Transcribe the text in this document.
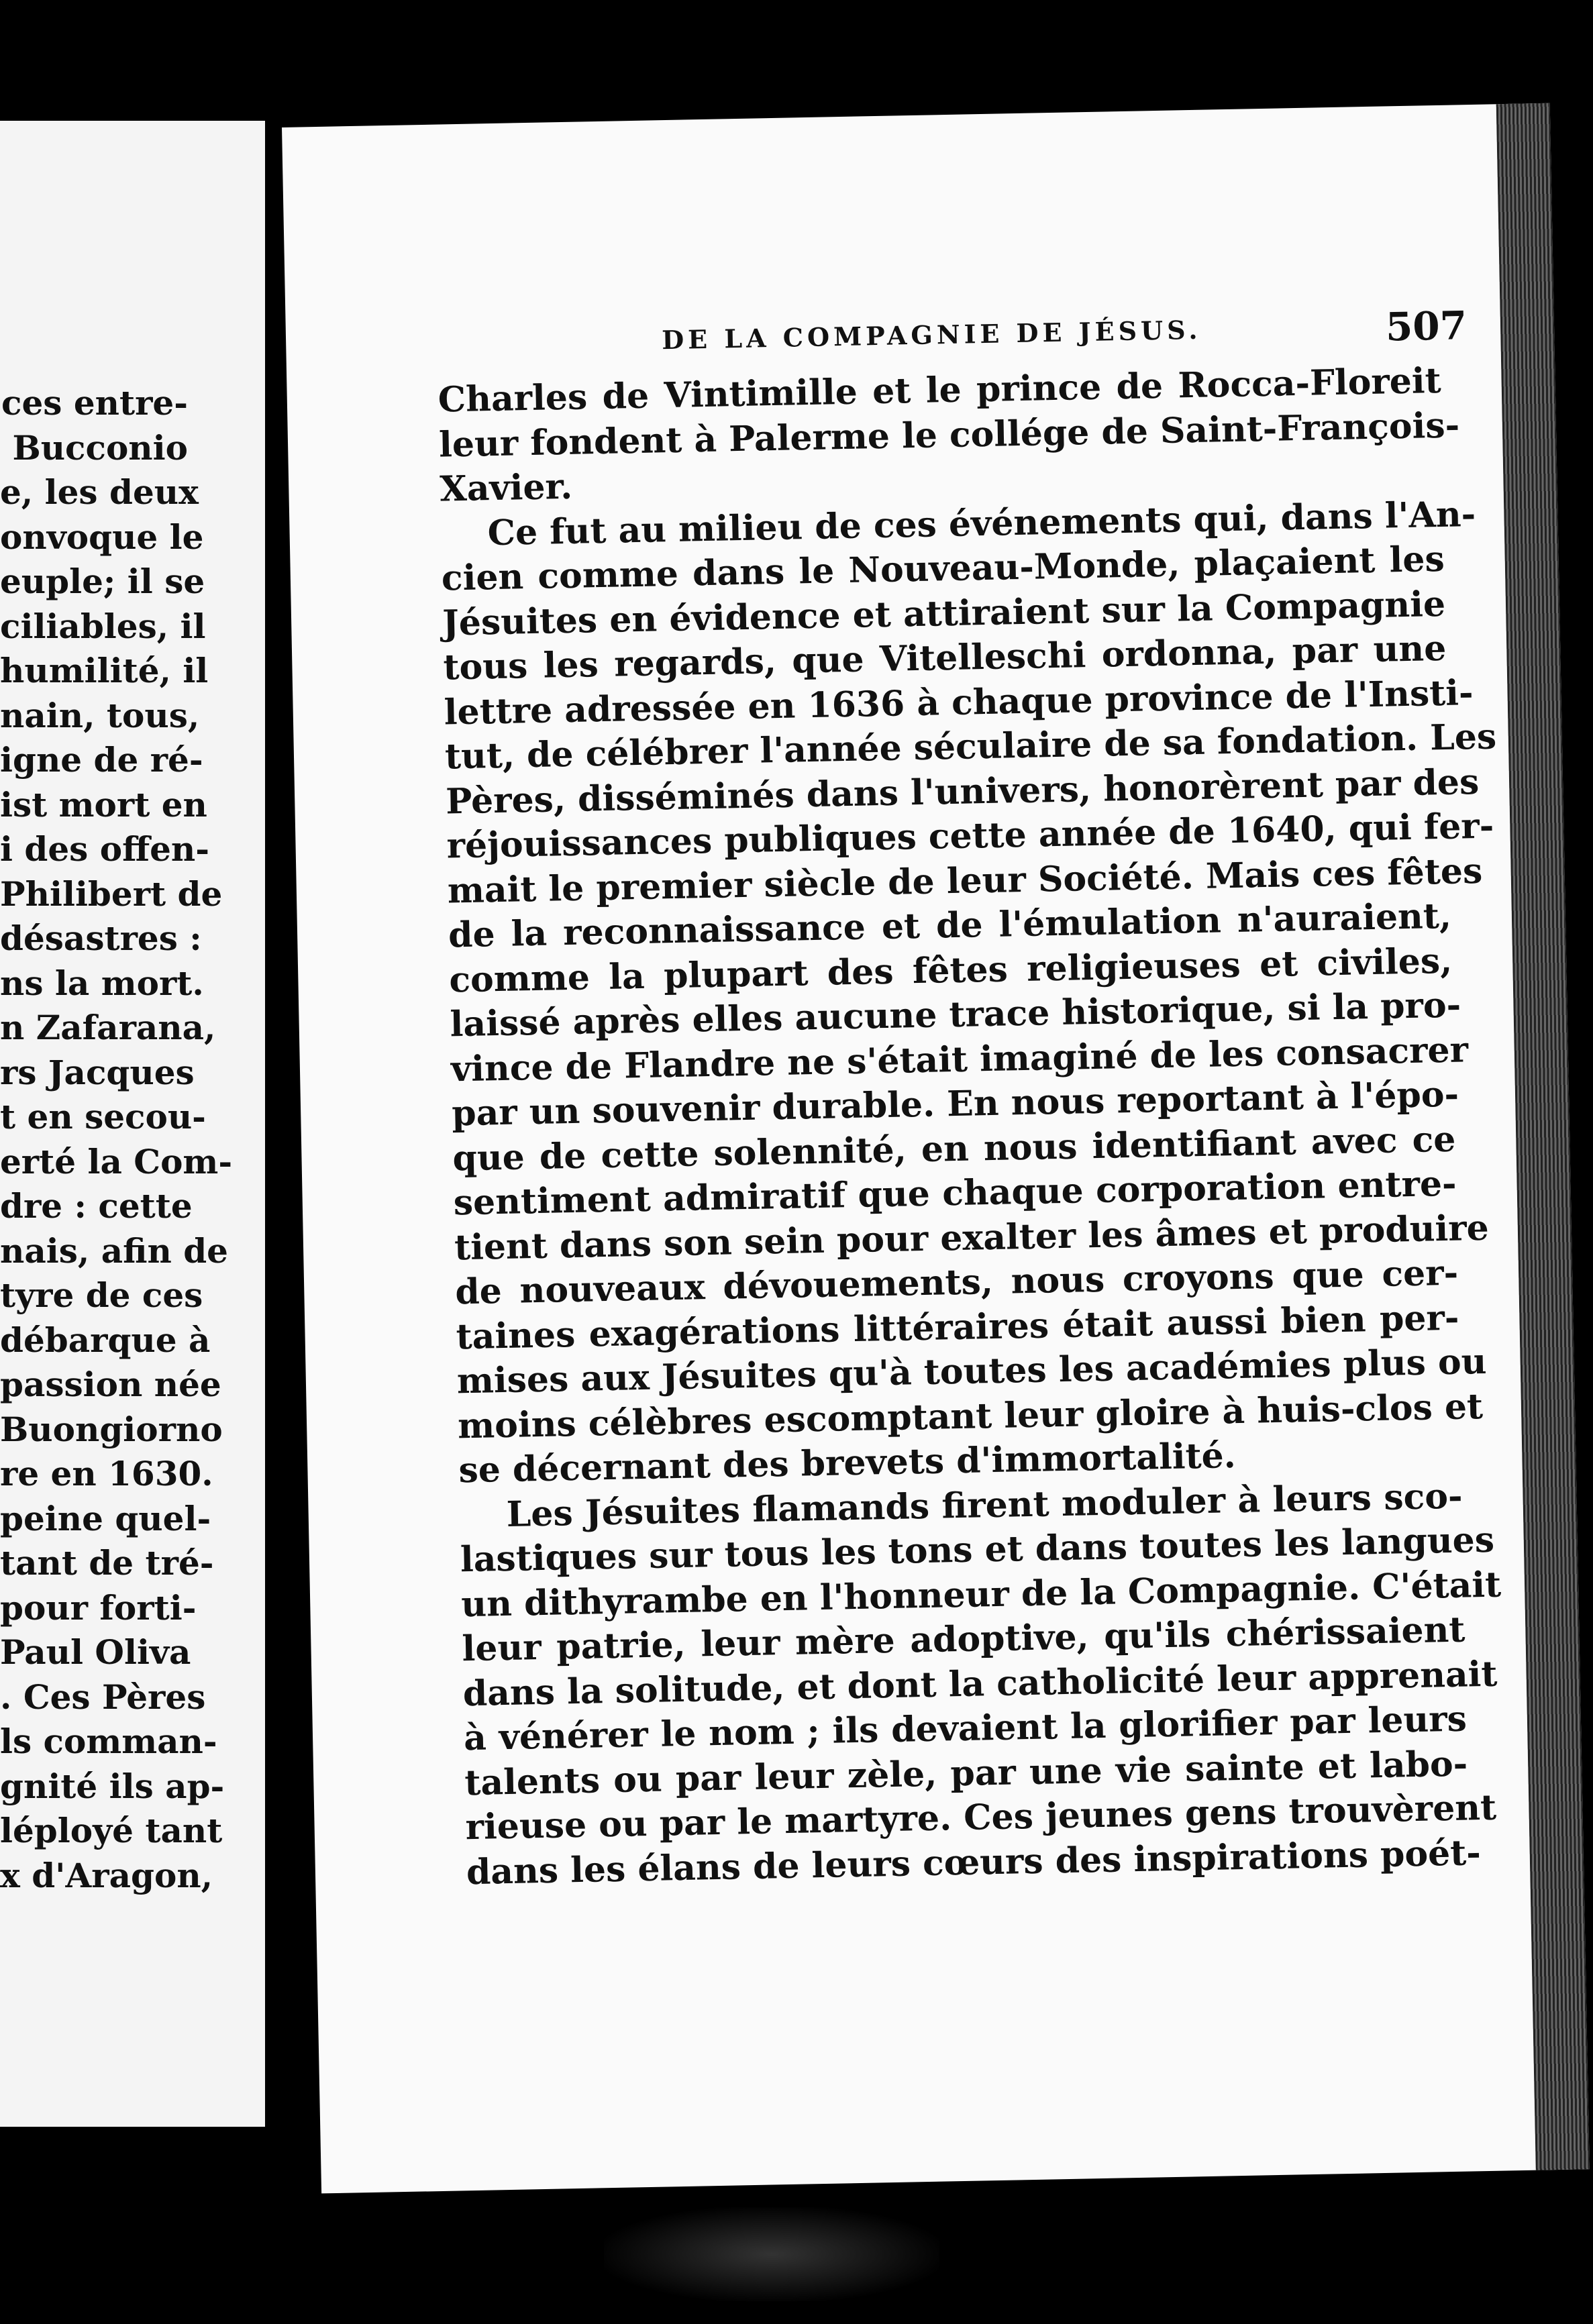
ces entre-
Bucconio
e, les deux
onvoque le
euple; il se
ciliables, il
humilité, il
nain, tous,
igne de ré-
ist mort en
i des offen-
Philibert de
désastres :
ns la mort.
n Zafarana,
rs Jacques
t en secou-
erté la Com-
dre : cette
nais, afin de
tyre de ces
débarque à
passion née
Buongiorno
re en 1630.
peine quel-
tant de tré-
pour forti-
Paul Oliva
. Ces Pères
ls comman-
gnité ils ap-
léployé tant
x d'Aragon,
DE LA COMPAGNIE DE JÉSUS.	507
Charles de Vintimille et le prince de Rocca-Floreit
leur fondent à Palerme le collége de Saint-François-
Xavier.
Ce fut au milieu de ces événements qui, dans l'An-
cien comme dans le Nouveau-Monde, plaçaient les
Jésuites en évidence et attiraient sur la Compagnie
tous les regards, que Vitelleschi ordonna, par une
lettre adressée en 1636 à chaque province de l'Insti-
tut, de célébrer l'année séculaire de sa fondation. Les
Pères, disséminés dans l'univers, honorèrent par des
réjouissances publiques cette année de 1640, qui fer-
mait le premier siècle de leur Société. Mais ces fêtes
de la reconnaissance et de l'émulation n'auraient,
comme la plupart des fêtes religieuses et civiles,
laissé après elles aucune trace historique, si la pro-
vince de Flandre ne s'était imaginé de les consacrer
par un souvenir durable. En nous reportant à l'épo-
que de cette solennité, en nous identifiant avec ce
sentiment admiratif que chaque corporation entre-
tient dans son sein pour exalter les âmes et produire
de nouveaux dévouements, nous croyons que cer-
taines exagérations littéraires était aussi bien per-
mises aux Jésuites qu'à toutes les académies plus ou
moins célèbres escomptant leur gloire à huis-clos et
se décernant des brevets d'immortalité.
Les Jésuites flamands firent moduler à leurs sco-
lastiques sur tous les tons et dans toutes les langues
un dithyrambe en l'honneur de la Compagnie. C'était
leur patrie, leur mère adoptive, qu'ils chérissaient
dans la solitude, et dont la catholicité leur apprenait
à vénérer le nom ; ils devaient la glorifier par leurs
talents ou par leur zèle, par une vie sainte et labo-
rieuse ou par le martyre. Ces jeunes gens trouvèrent
dans les élans de leurs cœurs des inspirations poét-
